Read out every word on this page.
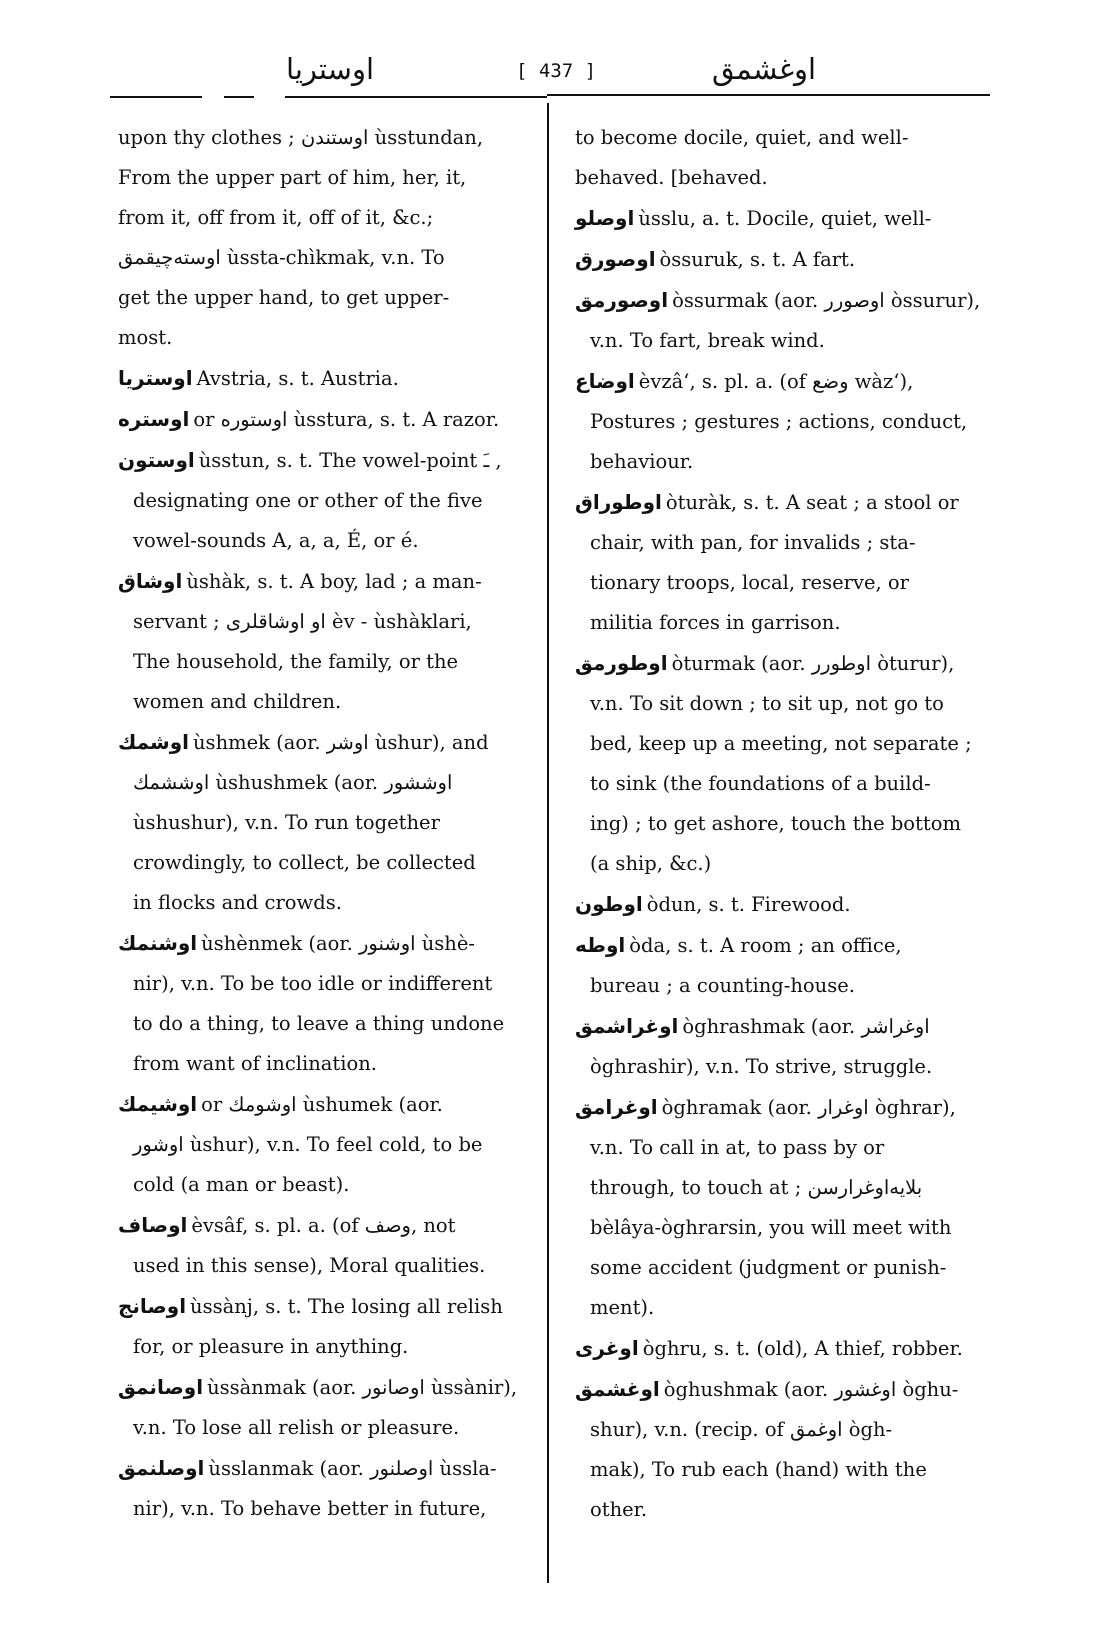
اوستريا	[ 437 ]	اوغشمق
upon thy clothes ; اوستندن ùsstundan,
From the upper part of him, her, it,
from it, off from it, off of it, &c.;
اوسته‌چیقمق ùssta-chìkmak, v.n. To
get the upper hand, to get upper-
most.
اوستريا Avstria, s. t. Austria.
اوستره or اوستوره ùsstura, s. t. A razor.
اوستون ùsstun, s. t. The vowel-point ـَ ,
designating one or other of the five
vowel-sounds A, a, a, É, or é.
اوشاق ùshàk, s. t. A boy, lad ; a man-
servant ; او اوشاقلری èv - ùshàklari,
The household, the family, or the
women and children.
اوشمك ùshmek (aor. اوشر ùshur), and
اوششمك ùshushmek (aor. اوششور
ùshushur), v.n. To run together
crowdingly, to collect, be collected
in flocks and crowds.
اوشنمك ùshènmek (aor. اوشنور ùshè-
nir), v.n. To be too idle or indifferent
to do a thing, to leave a thing undone
from want of inclination.
اوشيمك or اوشومك ùshumek (aor.
اوشور ùshur), v.n. To feel cold, to be
cold (a man or beast).
اوصاف èvsâf, s. pl. a. (of وصف, not
used in this sense), Moral qualities.
اوصانج ùssànj, s. t. The losing all relish
for, or pleasure in anything.
اوصانمق ùssànmak (aor. اوصانور ùssànir),
v.n. To lose all relish or pleasure.
اوصلنمق ùsslanmak (aor. اوصلنور ùssla-
nir), v.n. To behave better in future,
to become docile, quiet, and well-
behaved. [behaved.
اوصلو ùsslu, a. t. Docile, quiet, well-
اوصورق òssuruk, s. t. A fart.
اوصورمق òssurmak (aor. اوصورر òssurur),
v.n. To fart, break wind.
اوضاع èvzâ‘, s. pl. a. (of وضع wàz‘),
Postures ; gestures ; actions, conduct,
behaviour.
اوطوراق òturàk, s. t. A seat ; a stool or
chair, with pan, for invalids ; sta-
tionary troops, local, reserve, or
militia forces in garrison.
اوطورمق òturmak (aor. اوطورر òturur),
v.n. To sit down ; to sit up, not go to
bed, keep up a meeting, not separate ;
to sink (the foundations of a build-
ing) ; to get ashore, touch the bottom
(a ship, &c.)
اوطون òdun, s. t. Firewood.
اوطه òda, s. t. A room ; an office,
bureau ; a counting-house.
اوغراشمق òghrashmak (aor. اوغراشر
òghrashir), v.n. To strive, struggle.
اوغرامق òghramak (aor. اوغرار òghrar),
v.n. To call in at, to pass by or
through, to touch at ; بلایه‌اوغرارسن
bèlâya-òghrarsin, you will meet with
some accident (judgment or punish-
ment).
اوغری òghru, s. t. (old), A thief, robber.
اوغشمق òghushmak (aor. اوغشور òghu-
shur), v.n. (recip. of اوغمق ògh-
mak), To rub each (hand) with the
other.
